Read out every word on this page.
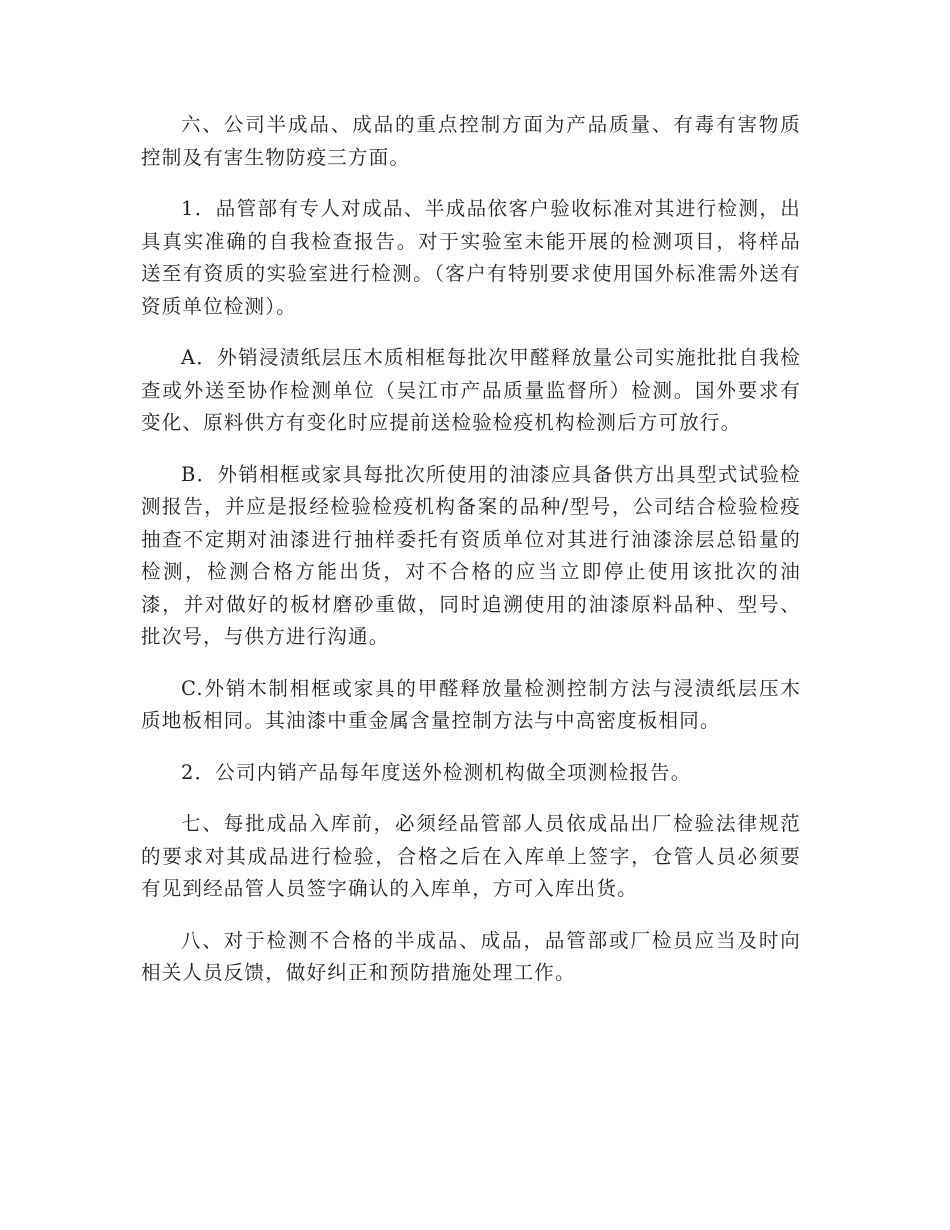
六、公司半成品、成品的重点控制方面为产品质量、有毒有害物质控制及有害生物防疫三方面。

1．品管部有专人对成品、半成品依客户验收标准对其进行检测，出具真实准确的自我检查报告。对于实验室未能开展的检测项目，将样品送至有资质的实验室进行检测。（客户有特别要求使用国外标准需外送有资质单位检测）。

A．外销浸渍纸层压木质相框每批次甲醛释放量公司实施批批自我检查或外送至协作检测单位（吴江市产品质量监督所）检测。国外要求有变化、原料供方有变化时应提前送检验检疫机构检测后方可放行。

B．外销相框或家具每批次所使用的油漆应具备供方出具型式试验检测报告，并应是报经检验检疫机构备案的品种/型号，公司结合检验检疫抽查不定期对油漆进行抽样委托有资质单位对其进行油漆涂层总铅量的检测，检测合格方能出货，对不合格的应当立即停止使用该批次的油漆，并对做好的板材磨砂重做，同时追溯使用的油漆原料品种、型号、批次号，与供方进行沟通。

C.外销木制相框或家具的甲醛释放量检测控制方法与浸渍纸层压木质地板相同。其油漆中重金属含量控制方法与中高密度板相同。

2．公司内销产品每年度送外检测机构做全项测检报告。

七、每批成品入库前，必须经品管部人员依成品出厂检验法律规范的要求对其成品进行检验，合格之后在入库单上签字，仓管人员必须要有见到经品管人员签字确认的入库单，方可入库出货。

八、对于检测不合格的半成品、成品，品管部或厂检员应当及时向相关人员反馈，做好纠正和预防措施处理工作。
